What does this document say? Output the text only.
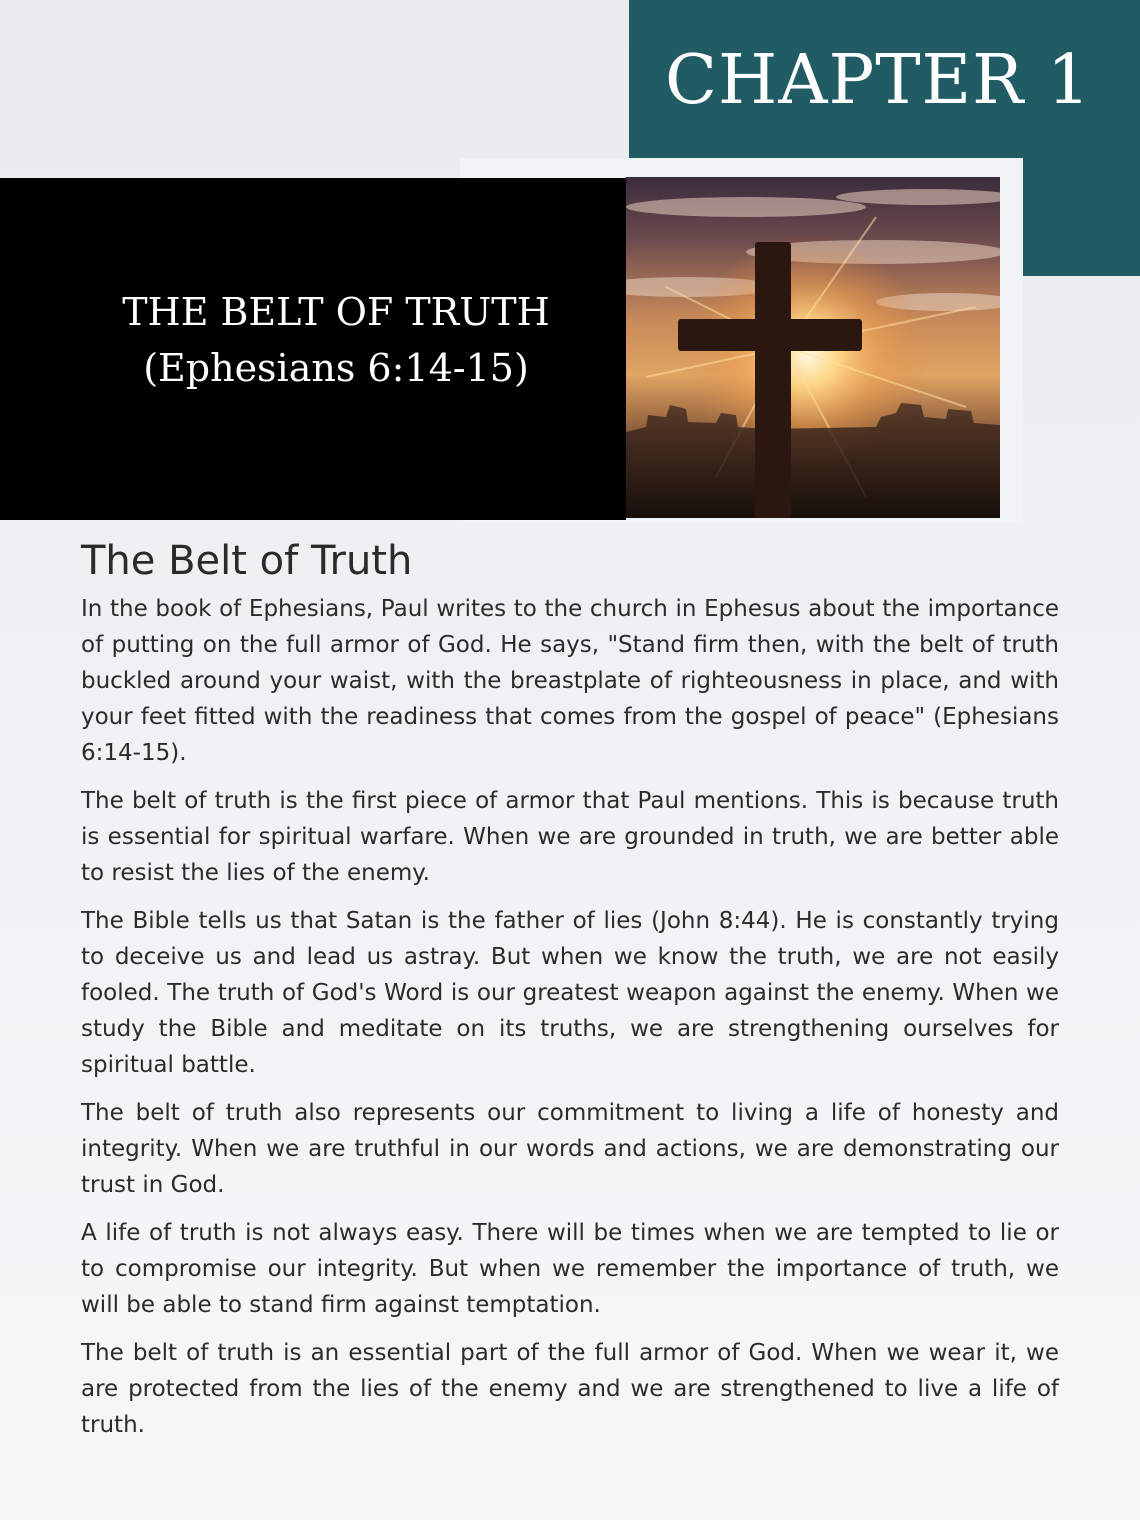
CHAPTER 1
THE BELT OF TRUTH
(Ephesians 6:14-15)
The Belt of Truth

In the book of Ephesians, Paul writes to the church in Ephesus about the importance of putting on the full armor of God. He says, "Stand firm then, with the belt of truth buckled around your waist, with the breastplate of righteousness in place, and with your feet fitted with the readiness that comes from the gospel of peace" (Ephesians 6:14-15).

The belt of truth is the first piece of armor that Paul mentions. This is because truth is essential for spiritual warfare. When we are grounded in truth, we are better able to resist the lies of the enemy.

The Bible tells us that Satan is the father of lies (John 8:44). He is constantly trying to deceive us and lead us astray. But when we know the truth, we are not easily fooled. The truth of God's Word is our greatest weapon against the enemy. When we study the Bible and meditate on its truths, we are strengthening ourselves for spiritual battle.

The belt of truth also represents our commitment to living a life of honesty and integrity. When we are truthful in our words and actions, we are demonstrating our trust in God.

A life of truth is not always easy. There will be times when we are tempted to lie or to compromise our integrity. But when we remember the importance of truth, we will be able to stand firm against temptation.

The belt of truth is an essential part of the full armor of God. When we wear it, we are protected from the lies of the enemy and we are strengthened to live a life of truth.
